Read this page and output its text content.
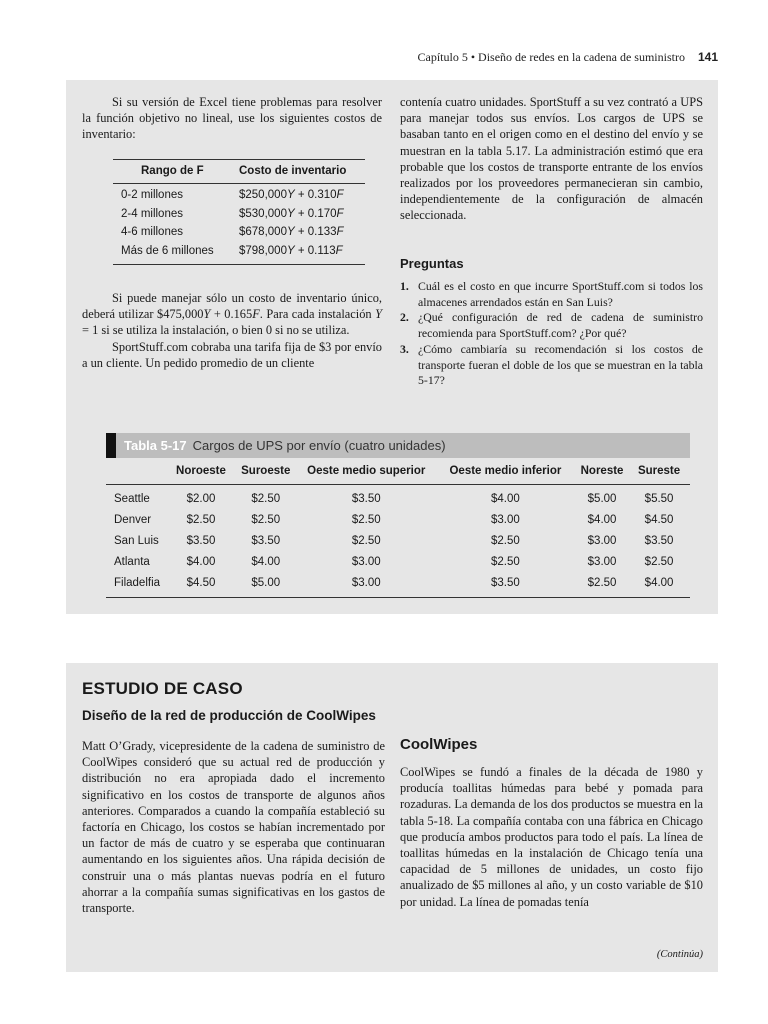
Capítulo 5 • Diseño de redes en la cadena de suministro 141

Si su versión de Excel tiene problemas para resolver la función objetivo no lineal, use los siguientes costos de inventario:

Rango de F	Costo de inventario
0-2 millones	$250,000Y + 0.310F
2-4 millones	$530,000Y + 0.170F
4-6 millones	$678,000Y + 0.133F
Más de 6 millones	$798,000Y + 0.113F

Si puede manejar sólo un costo de inventario único, deberá utilizar $475,000Y + 0.165F. Para cada instalación Y = 1 si se utiliza la instalación, o bien 0 si no se utiliza.

SportStuff.com cobraba una tarifa fija de $3 por envío a un cliente. Un pedido promedio de un cliente

contenía cuatro unidades. SportStuff a su vez contrató a UPS para manejar todos sus envíos. Los cargos de UPS se basaban tanto en el origen como en el destino del envío y se muestran en la tabla 5.17. La administración estimó que era probable que los costos de transporte entrante de los envíos realizados por los proveedores permanecieran sin cambio, independientemente de la configuración de almacén seleccionada.

Preguntas
1. Cuál es el costo en que incurre SportStuff.com si todos los almacenes arrendados están en San Luis?
2. ¿Qué configuración de red de cadena de suministro recomienda para SportStuff.com? ¿Por qué?
3. ¿Cómo cambiaría su recomendación si los costos de transporte fueran el doble de los que se muestran en la tabla 5-17?
Tabla 5-17 Cargos de UPS por envío (cuatro unidades)
Noroeste	Suroeste	Oeste medio superior	Oeste medio inferior	Noreste	Sureste
Seattle	$2.00	$2.50	$3.50	$4.00	$5.00	$5.50
Denver	$2.50	$2.50	$2.50	$3.00	$4.00	$4.50
San Luis	$3.50	$3.50	$2.50	$2.50	$3.00	$3.50
Atlanta	$4.00	$4.00	$3.00	$2.50	$3.00	$2.50
Filadelfia	$4.50	$5.00	$3.00	$3.50	$2.50	$4.00
ESTUDIO DE CASO
Diseño de la red de producción de CoolWipes

Matt O’Grady, vicepresidente de la cadena de suministro de CoolWipes consideró que su actual red de producción y distribución no era apropiada dado el incremento significativo en los costos de transporte de algunos años anteriores. Comparados a cuando la compañía estableció su factoría en Chicago, los costos se habían incrementado por un factor de más de cuatro y se esperaba que continuaran aumentando en los siguientes años. Una rápida decisión de construir una o más plantas nuevas podría en el futuro ahorrar a la compañía sumas significativas en los gastos de transporte.

CoolWipes

CoolWipes se fundó a finales de la década de 1980 y producía toallitas húmedas para bebé y pomada para rozaduras. La demanda de los dos productos se muestra en la tabla 5-18. La compañía contaba con una fábrica en Chicago que producía ambos productos para todo el país. La línea de toallitas húmedas en la instalación de Chicago tenía una capacidad de 5 millones de unidades, un costo fijo anualizado de $5 millones al año, y un costo variable de $10 por unidad. La línea de pomadas tenía

(Continúa)
